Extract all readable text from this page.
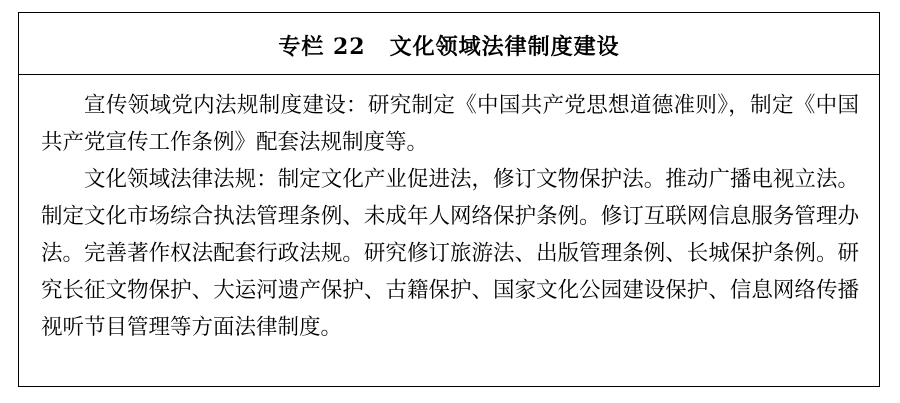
专栏 22 文化领域法律制度建设

宣传领域党内法规制度建设：研究制定《中国共产党思想道德准则》，制定《中国共产党宣传工作条例》配套法规制度等。

文化领域法律法规：制定文化产业促进法，修订文物保护法。推动广播电视立法。制定文化市场综合执法管理条例、未成年人网络保护条例。修订互联网信息服务管理办法。完善著作权法配套行政法规。研究修订旅游法、出版管理条例、长城保护条例。研究长征文物保护、大运河遗产保护、古籍保护、国家文化公园建设保护、信息网络传播视听节目管理等方面法律制度。
